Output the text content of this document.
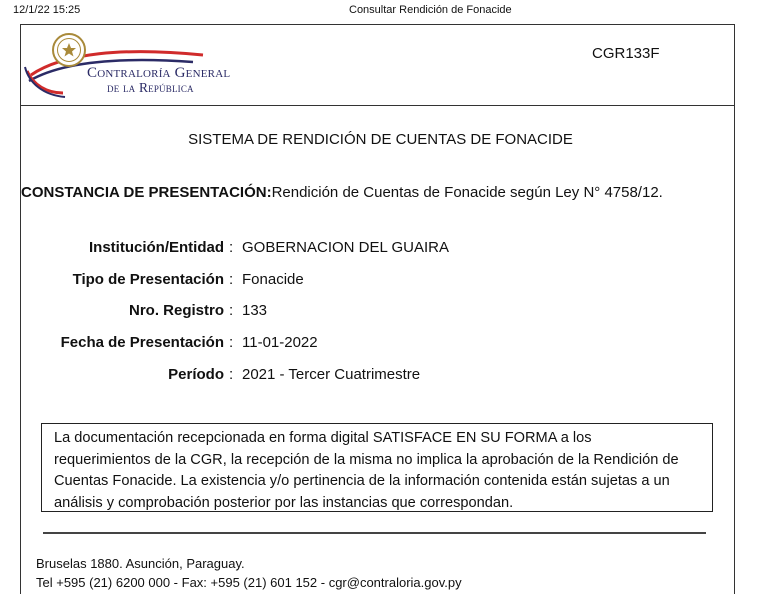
12/1/22 15:25	Consultar Rendición de Fonacide
Contraloría General
de la República
CGR133F
SISTEMA DE RENDICIÓN DE CUENTAS DE FONACIDE
CONSTANCIA DE PRESENTACIÓN:Rendición de Cuentas de Fonacide según Ley N° 4758/12.
Institución/Entidad : GOBERNACION DEL GUAIRA
Tipo de Presentación : Fonacide
Nro. Registro : 133
Fecha de Presentación : 11-01-2022
Período : 2021 - Tercer Cuatrimestre
La documentación recepcionada en forma digital SATISFACE EN SU FORMA a los
requerimientos de la CGR, la recepción de la misma no implica la aprobación de la Rendición de
Cuentas Fonacide. La existencia y/o pertinencia de la información contenida están sujetas a un
análisis y comprobación posterior por las instancias que correspondan.
Bruselas 1880. Asunción, Paraguay.
Tel +595 (21) 6200 000 - Fax: +595 (21) 601 152 - cgr@contraloria.gov.py
